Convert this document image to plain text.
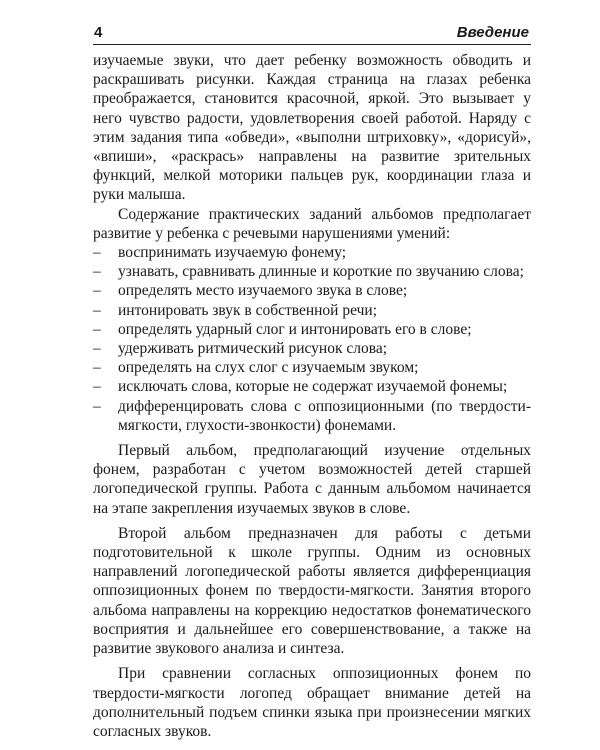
4	Введение

изучаемые звуки, что дает ребенку возможность обводить и раскрашивать рисунки. Каждая страница на глазах ребенка преображается, становится красочной, яркой. Это вызывает у него чувство радости, удовлетворения своей работой. Наряду с этим задания типа «обведи», «выполни штриховку», «дорисуй», «впиши», «раскрась» направлены на развитие зрительных функций, мелкой моторики пальцев рук, координации глаза и руки малыша.

Содержание практических заданий альбомов предполагает развитие у ребенка с речевыми нарушениями умений:

– воспринимать изучаемую фонему;
– узнавать, сравнивать длинные и короткие по звучанию слова;
– определять место изучаемого звука в слове;
– интонировать звук в собственной речи;
– определять ударный слог и интонировать его в слове;
– удерживать ритмический рисунок слова;
– определять на слух слог с изучаемым звуком;
– исключать слова, которые не содержат изучаемой фонемы;
– дифференцировать слова с оппозиционными (по твердости-мягкости, глухости-звонкости) фонемами.

Первый альбом, предполагающий изучение отдельных фонем, разработан с учетом возможностей детей старшей логопедической группы. Работа с данным альбомом начинается на этапе закрепления изучаемых звуков в слове.

Второй альбом предназначен для работы с детьми подготовительной к школе группы. Одним из основных направлений логопедической работы является дифференциация оппозиционных фонем по твердости-мягкости. Занятия второго альбома направлены на коррекцию недостатков фонематического восприятия и дальнейшее его совершенствование, а также на развитие звукового анализа и синтеза.

При сравнении согласных оппозиционных фонем по твердости-мягкости логопед обращает внимание детей на дополнительный подъем спинки языка при произнесении мягких согласных звуков.
